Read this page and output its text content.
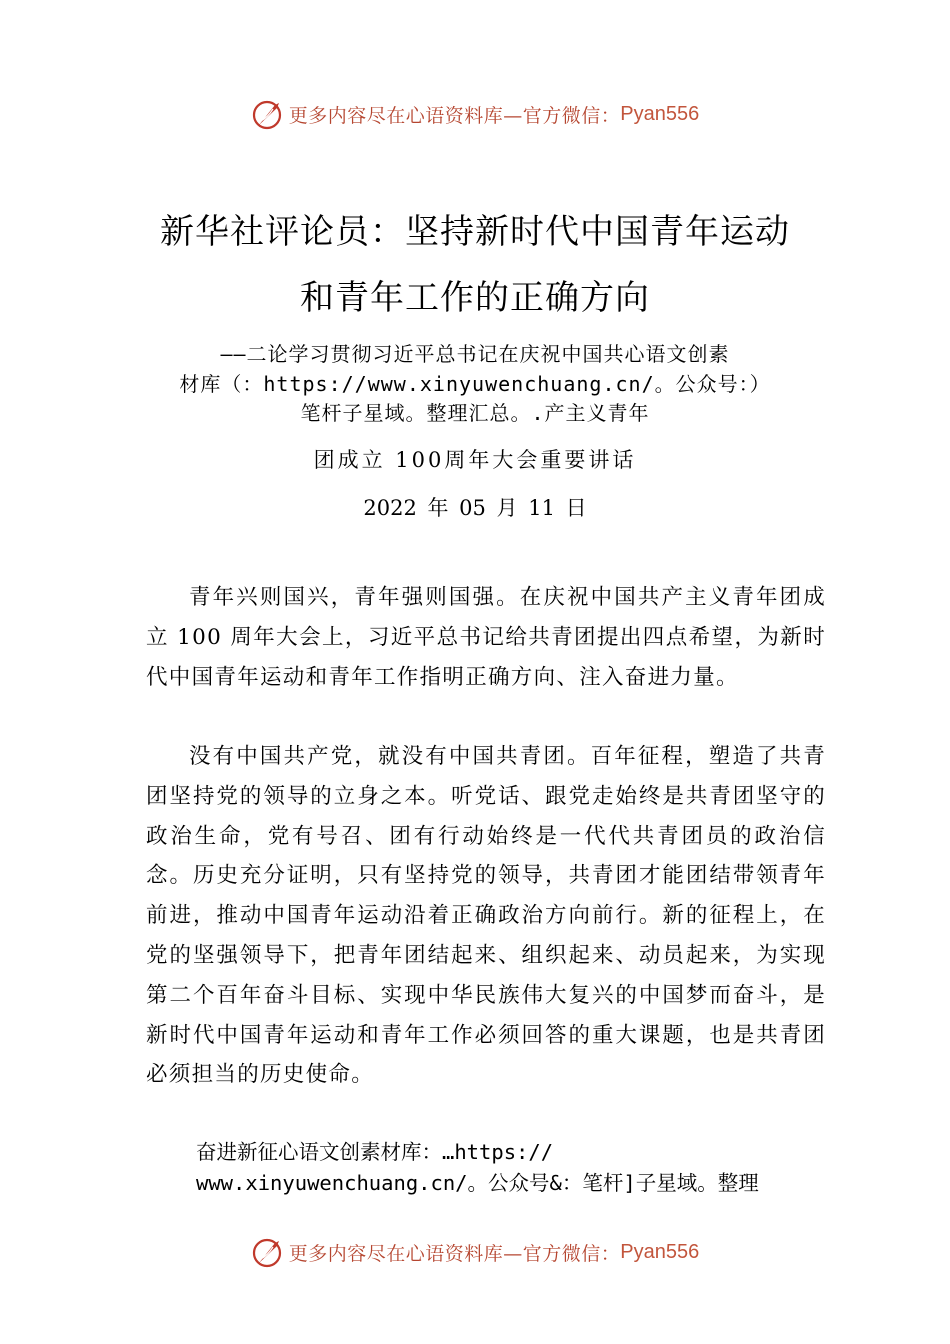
更多内容尽在心语资料库—官方微信： Pyan556
新华社评论员：坚持新时代中国青年运动
和青年工作的正确方向
——二论学习贯彻习近平总书记在庆祝中国共心语文创素
材库（：https://www.xinyuwenchuang.cn/。公众号：）
笔杆子星域。整理汇总。.产主义青年
团成立 100周年大会重要讲话
2022 年 05 月 11 日
青年兴则国兴，青年强则国强。在庆祝中国共产主义青年团成立 100 周年大会上，习近平总书记给共青团提出四点希望，为新时代中国青年运动和青年工作指明正确方向、注入奋进力量。
没有中国共产党，就没有中国共青团。百年征程，塑造了共青团坚持党的领导的立身之本。听党话、跟党走始终是共青团坚守的政治生命，党有号召、团有行动始终是一代代共青团员的政治信念。历史充分证明，只有坚持党的领导，共青团才能团结带领青年前进，推动中国青年运动沿着正确政治方向前行。新的征程上，在党的坚强领导下，把青年团结起来、组织起来、动员起来，为实现第二个百年奋斗目标、实现中华民族伟大复兴的中国梦而奋斗，是新时代中国青年运动和青年工作必须回答的重大课题，也是共青团必须担当的历史使命。
奋进新征心语文创素材库：…https://
www.xinyuwenchuang.cn/。公众号&：笔杆]子星域。整理
更多内容尽在心语资料库—官方微信： Pyan556
